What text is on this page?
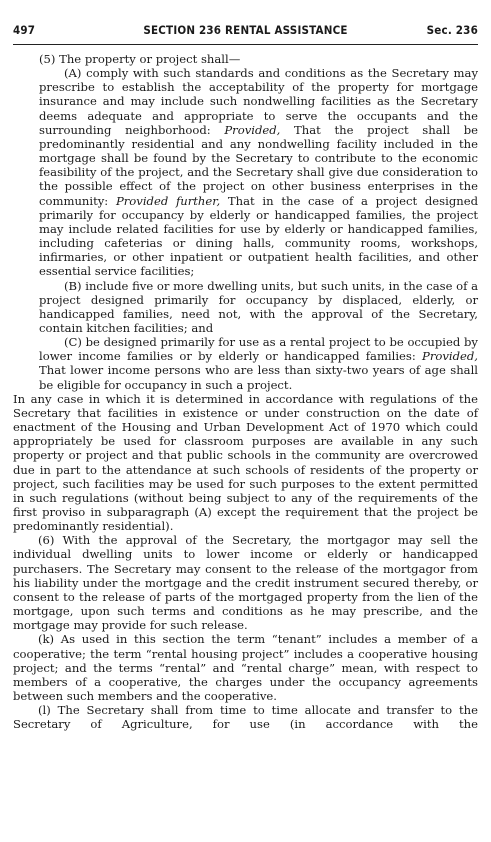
497	SECTION 236 RENTAL ASSISTANCE	Sec. 236

(5) The property or project shall—

(A) comply with such standards and conditions as the Secretary may prescribe to establish the acceptability of the property for mortgage insurance and may include such nondwelling facilities as the Secretary deems adequate and appropriate to serve the occupants and the surrounding neighborhood: Provided, That the project shall be predominantly residential and any nondwelling facility included in the mortgage shall be found by the Secretary to contribute to the economic feasibility of the project, and the Secretary shall give due consideration to the possible effect of the project on other business enterprises in the community: Provided further, That in the case of a project designed primarily for occupancy by elderly or handicapped families, the project may include related facilities for use by elderly or handicapped families, including cafeterias or dining halls, community rooms, workshops, infirmaries, or other inpatient or outpatient health facilities, and other essential service facilities;

(B) include five or more dwelling units, but such units, in the case of a project designed primarily for occupancy by displaced, elderly, or handicapped families, need not, with the approval of the Secretary, contain kitchen facilities; and

(C) be designed primarily for use as a rental project to be occupied by lower income families or by elderly or handicapped families: Provided, That lower income persons who are less than sixty-two years of age shall be eligible for occupancy in such a project.

In any case in which it is determined in accordance with regulations of the Secretary that facilities in existence or under construction on the date of enactment of the Housing and Urban Development Act of 1970 which could appropriately be used for classroom purposes are available in any such property or project and that public schools in the community are overcrowed due in part to the attendance at such schools of residents of the property or project, such facilities may be used for such purposes to the extent permitted in such regulations (without being subject to any of the requirements of the first proviso in subparagraph (A) except the requirement that the project be predominantly residential).

(6) With the approval of the Secretary, the mortgagor may sell the individual dwelling units to lower income or elderly or handicapped purchasers. The Secretary may consent to the release of the mortgagor from his liability under the mortgage and the credit instrument secured thereby, or consent to the release of parts of the mortgaged property from the lien of the mortgage, upon such terms and conditions as he may prescribe, and the mortgage may provide for such release.

(k) As used in this section the term “tenant” includes a member of a cooperative; the term “rental housing project” includes a cooperative housing project; and the terms “rental” and “rental charge” mean, with respect to members of a cooperative, the charges under the occupancy agreements between such members and the cooperative.

(l) The Secretary shall from time to time allocate and transfer to the Secretary of Agriculture, for use (in accordance with the
